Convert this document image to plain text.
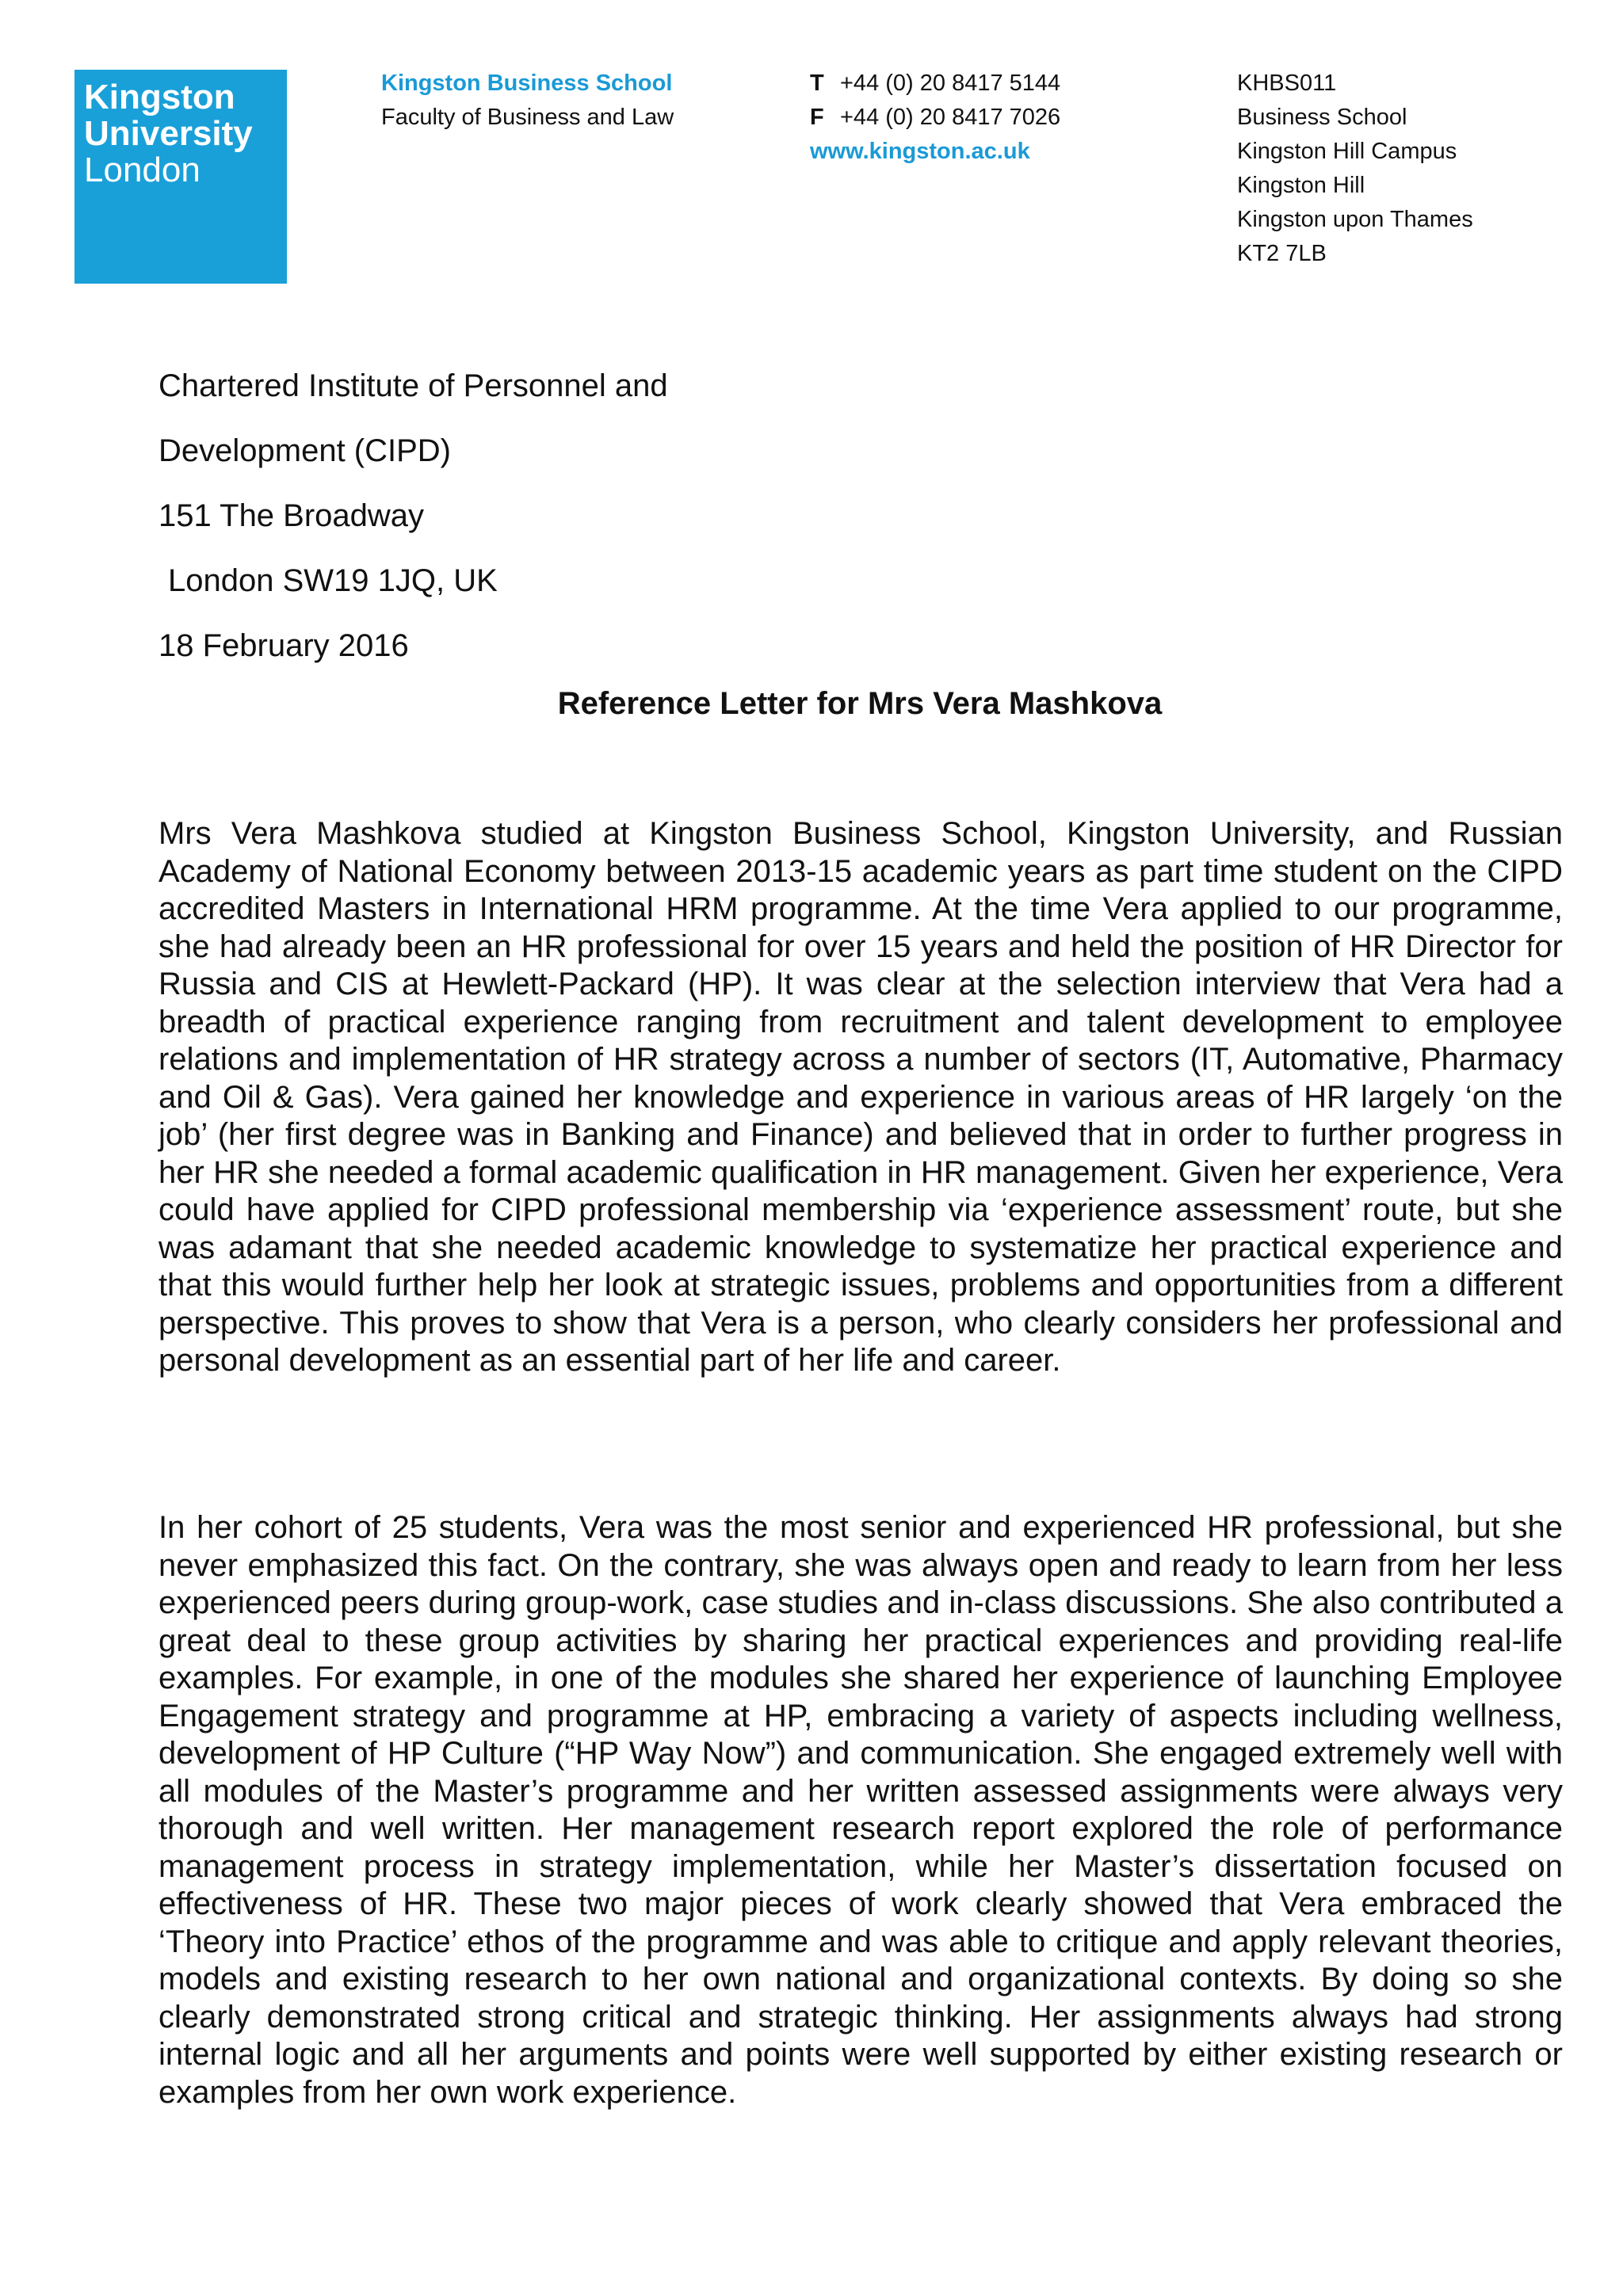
Kingston
University
London
Kingston Business School
Faculty of Business and Law
T +44 (0) 20 8417 5144
F +44 (0) 20 8417 7026
www.kingston.ac.uk
KHBS011
Business School
Kingston Hill Campus
Kingston Hill
Kingston upon Thames
KT2 7LB
Chartered Institute of Personnel and
Development (CIPD)
151 The Broadway
London SW19 1JQ, UK
18 February 2016
Reference Letter for Mrs Vera Mashkova

Mrs Vera Mashkova studied at Kingston Business School, Kingston University, and Russian Academy of National Economy between 2013-15 academic years as part time student on the CIPD accredited Masters in International HRM programme. At the time Vera applied to our programme, she had already been an HR professional for over 15 years and held the position of HR Director for Russia and CIS at Hewlett-Packard (HP). It was clear at the selection interview that Vera had a breadth of practical experience ranging from recruitment and talent development to employee relations and implementation of HR strategy across a number of sectors (IT, Automative, Pharmacy and Oil & Gas). Vera gained her knowledge and experience in various areas of HR largely ‘on the job’ (her first degree was in Banking and Finance) and believed that in order to further progress in her HR she needed a formal academic qualification in HR management. Given her experience, Vera could have applied for CIPD professional membership via ‘experience assessment’ route, but she was adamant that she needed academic knowledge to systematize her practical experience and that this would further help her look at strategic issues, problems and opportunities from a different perspective. This proves to show that Vera is a person, who clearly considers her professional and personal development as an essential part of her life and career.

In her cohort of 25 students, Vera was the most senior and experienced HR professional, but she never emphasized this fact. On the contrary, she was always open and ready to learn from her less experienced peers during group-work, case studies and in-class discussions. She also contributed a great deal to these group activities by sharing her practical experiences and providing real-life examples. For example, in one of the modules she shared her experience of launching Employee Engagement strategy and programme at HP, embracing a variety of aspects including wellness, development of HP Culture (“HP Way Now”) and communication. She engaged extremely well with all modules of the Master’s programme and her written assessed assignments were always very thorough and well written. Her management research report explored the role of performance management process in strategy implementation, while her Master’s dissertation focused on effectiveness of HR. These two major pieces of work clearly showed that Vera embraced the ‘Theory into Practice’ ethos of the programme and was able to critique and apply relevant theories, models and existing research to her own national and organizational contexts. By doing so she clearly demonstrated strong critical and strategic thinking. Her assignments always had strong internal logic and all her arguments and points were well supported by either existing research or examples from her own work experience.
